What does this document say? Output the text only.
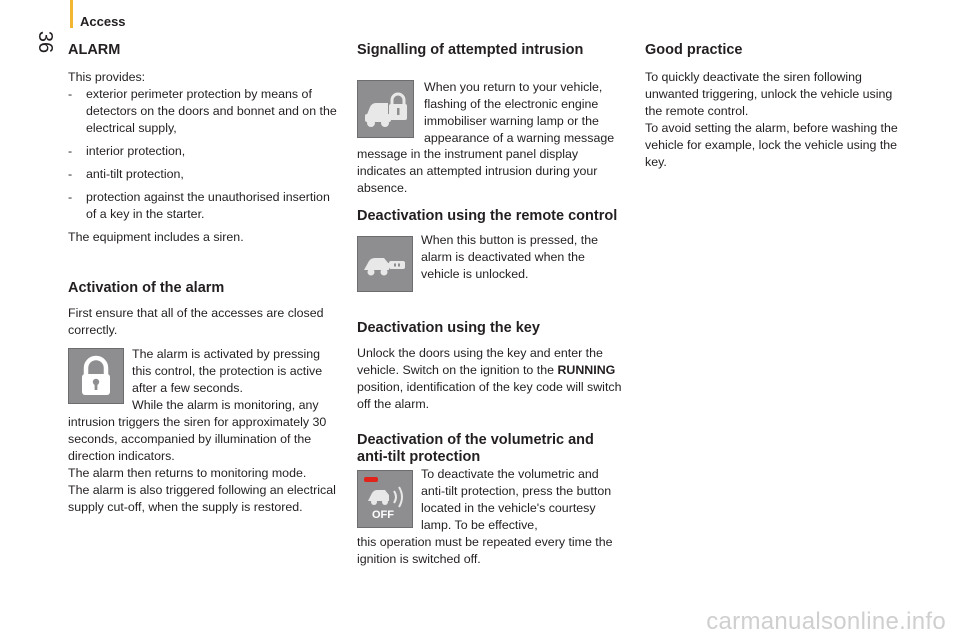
36
Access
ALARM

This provides:

- exterior perimeter protection by means of detectors on the doors and bonnet and on the electrical supply,
- interior protection,
- anti-tilt protection,
- protection against the unauthorised insertion of a key in the starter.

The equipment includes a siren.

Activation of the alarm

First ensure that all of the accesses are closed correctly.

The alarm is activated by pressing this control, the protection is active after a few seconds.

While the alarm is monitoring, any intrusion triggers the siren for approximately 30 seconds, accompanied by illumination of the direction indicators.

The alarm then returns to monitoring mode.

The alarm is also triggered following an electrical supply cut-off, when the supply is restored.

Signalling of attempted intrusion

When you return to your vehicle, flashing of the electronic engine immobiliser warning lamp or the appearance of a warning message

message in the instrument panel display indicates an attempted intrusion during your absence.

Deactivation using the remote control

When this button is pressed, the alarm is deactivated when the vehicle is unlocked.

Deactivation using the key

Unlock the doors using the key and enter the vehicle. Switch on the ignition to the RUNNING position, identification of the key code will switch off the alarm.

Deactivation of the volumetric and anti-tilt protection
OFF

To deactivate the volumetric and anti-tilt protection, press the button located in the vehicle's courtesy lamp. To be effective,

this operation must be repeated every time the ignition is switched off.

Good practice

To quickly deactivate the siren following unwanted triggering, unlock the vehicle using the remote control.

To avoid setting the alarm, before washing the vehicle for example, lock the vehicle using the key.

carmanualsonline.info
